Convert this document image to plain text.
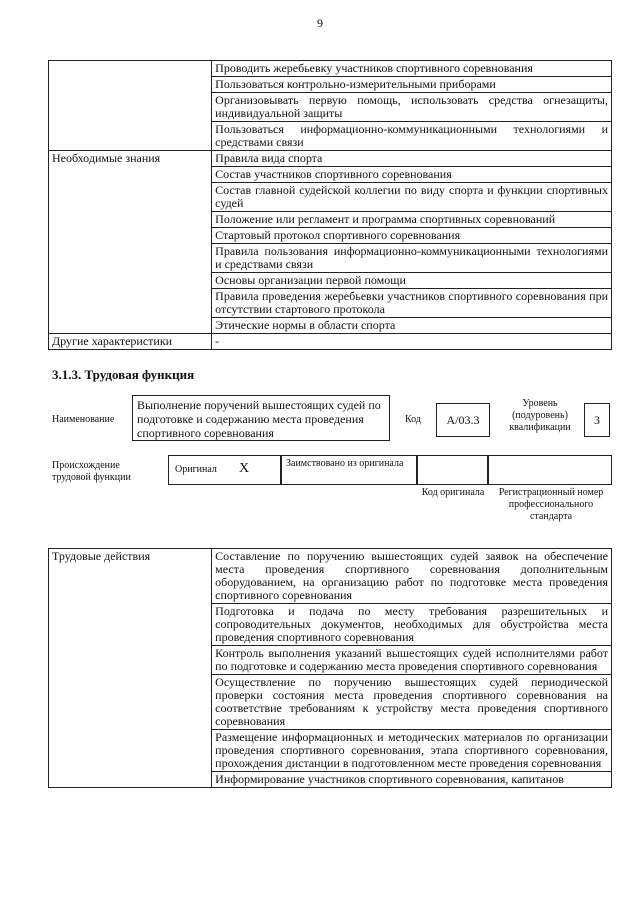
9
	Проводить жеребьевку участников спортивного соревнования
	Пользоваться контрольно-измерительными приборами
	Организовывать первую помощь, использовать средства огнезащиты, индивидуальной защиты
	Пользоваться информационно-коммуникационными технологиями и средствами связи
Необходимые знания	Правила вида спорта
	Состав участников спортивного соревнования
	Состав главной судейской коллегии по виду спорта и функции спортивных судей
	Положение или регламент и программа спортивных соревнований
	Стартовый протокол спортивного соревнования
	Правила пользования информационно-коммуникационными технологиями и средствами связи
	Основы организации первой помощи
	Правила проведения жеребьевки участников спортивного соревнования при отсутствии стартового протокола
	Этические нормы в области спорта
Другие характеристики	-
3.1.3. Трудовая функция
Наименование
Выполнение поручений вышестоящих судей по подготовке и содержанию места проведения спортивного соревнования
Код	А/03.3
Уровень (подуровень) квалификации
3
Происхождение трудовой функции
Оригинал X	Заимствовано из оригинала
Код оригинала	Регистрационный номер профессионального стандарта
Трудовые действия	Составление по поручению вышестоящих судей заявок на обеспечение места проведения спортивного соревнования дополнительным оборудованием, на организацию работ по подготовке места проведения спортивного соревнования
Подготовка и подача по месту требования разрешительных и сопроводительных документов, необходимых для обустройства места проведения спортивного соревнования
Контроль выполнения указаний вышестоящих судей исполнителями работ по подготовке и содержанию места проведения спортивного соревнования
Осуществление по поручению вышестоящих судей периодической проверки состояния места проведения спортивного соревнования на соответствие требованиям к устройству места проведения спортивного соревнования
Размещение информационных и методических материалов по организации проведения спортивного соревнования, этапа спортивного соревнования, прохождения дистанции в подготовленном месте проведения соревнования
Информирование участников спортивного соревнования, капитанов
